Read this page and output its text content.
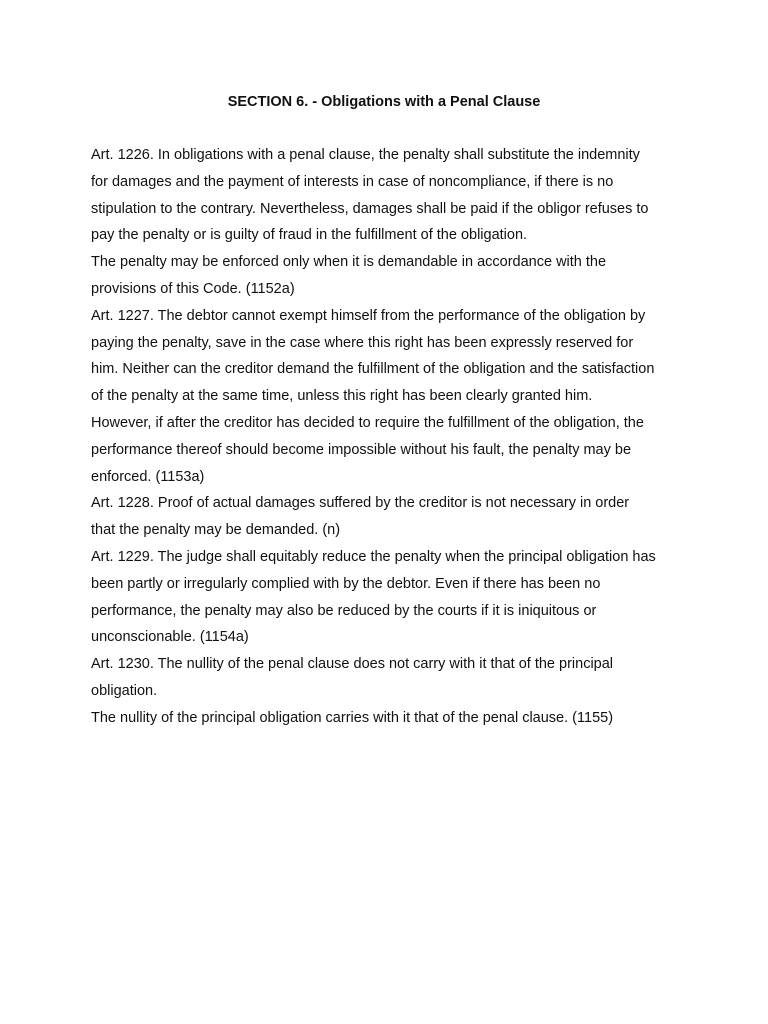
SECTION 6. - Obligations with a Penal Clause
Art. 1226. In obligations with a penal clause, the penalty shall substitute the indemnity
for damages and the payment of interests in case of noncompliance, if there is no
stipulation to the contrary. Nevertheless, damages shall be paid if the obligor refuses to
pay the penalty or is guilty of fraud in the fulfillment of the obligation.
The penalty may be enforced only when it is demandable in accordance with the
provisions of this Code. (1152a)
Art. 1227. The debtor cannot exempt himself from the performance of the obligation by
paying the penalty, save in the case where this right has been expressly reserved for
him. Neither can the creditor demand the fulfillment of the obligation and the satisfaction
of the penalty at the same time, unless this right has been clearly granted him.
However, if after the creditor has decided to require the fulfillment of the obligation, the
performance thereof should become impossible without his fault, the penalty may be
enforced. (1153a)
Art. 1228. Proof of actual damages suffered by the creditor is not necessary in order
that the penalty may be demanded. (n)
Art. 1229. The judge shall equitably reduce the penalty when the principal obligation has
been partly or irregularly complied with by the debtor. Even if there has been no
performance, the penalty may also be reduced by the courts if it is iniquitous or
unconscionable. (1154a)
Art. 1230. The nullity of the penal clause does not carry with it that of the principal
obligation.
The nullity of the principal obligation carries with it that of the penal clause. (1155)
